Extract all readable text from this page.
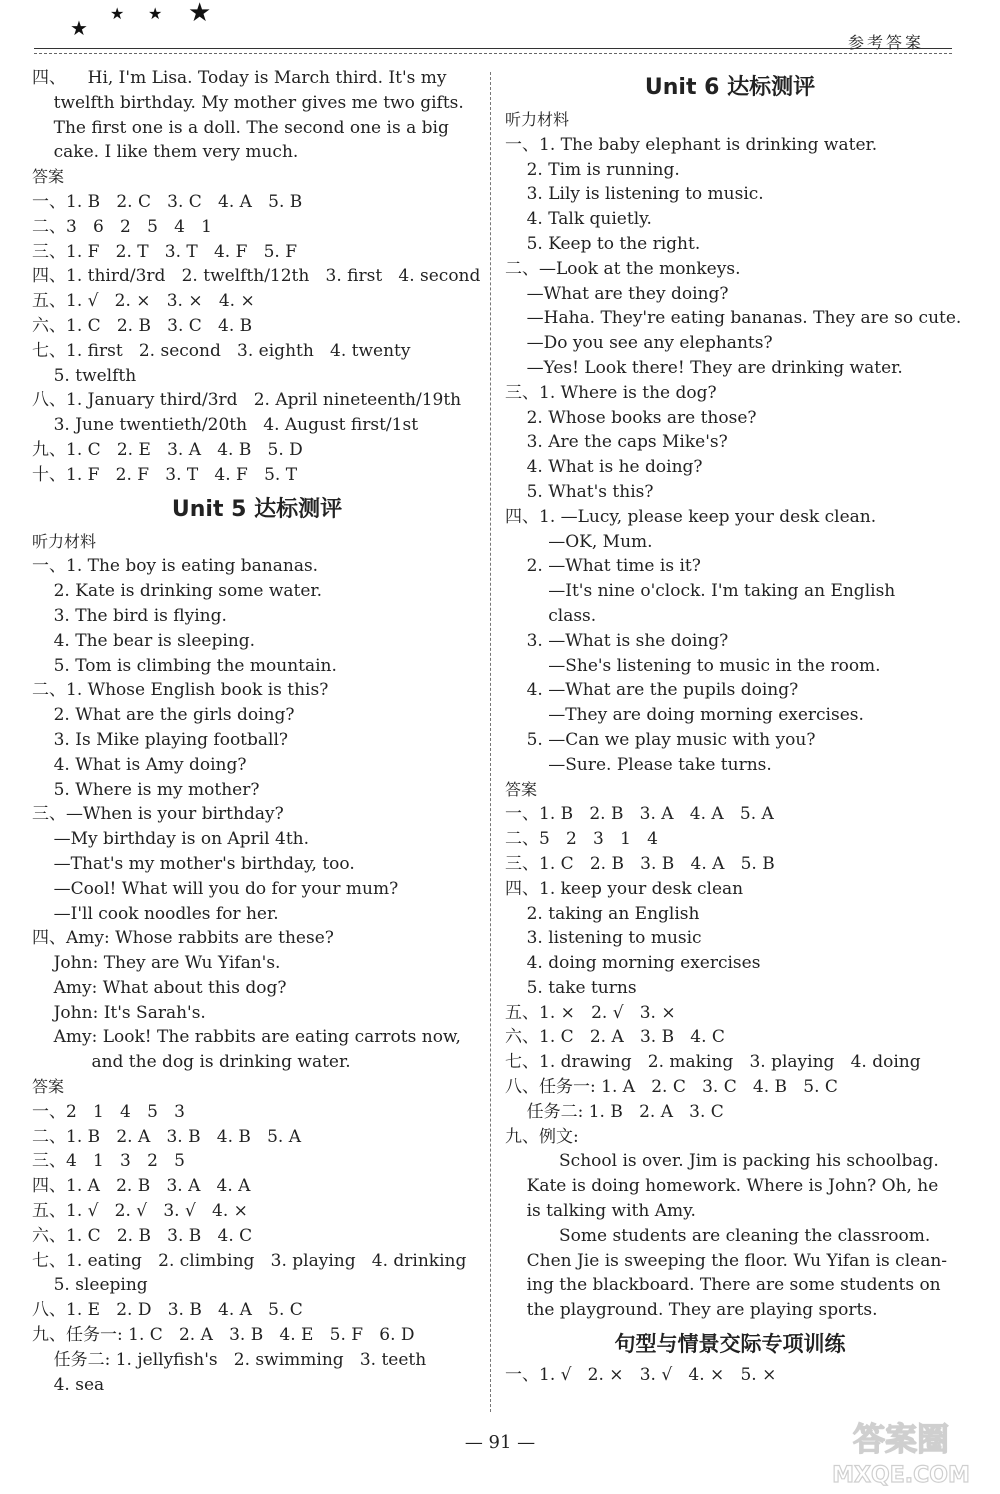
★
★ ★ ★
参考答案
四、    Hi, I'm Lisa. Today is March third. It's my
twelfth birthday. My mother gives me two gifts.
The first one is a doll. The second one is a big
cake. I like them very much.
答案
一、1. B   2. C   3. C   4. A   5. B
二、3   6   2   5   4   1
三、1. F   2. T   3. T   4. F   5. F
四、1. third/3rd   2. twelfth/12th   3. first   4. second
五、1. √   2. ×   3. ×   4. ×
六、1. C   2. B   3. C   4. B
七、1. first   2. second   3. eighth   4. twenty
5. twelfth
八、1. January third/3rd   2. April nineteenth/19th
3. June twentieth/20th   4. August first/1st
九、1. C   2. E   3. A   4. B   5. D
十、1. F   2. F   3. T   4. F   5. T
Unit 5 达标测评
听力材料
一、1. The boy is eating bananas.
2. Kate is drinking some water.
3. The bird is flying.
4. The bear is sleeping.
5. Tom is climbing the mountain.
二、1. Whose English book is this?
2. What are the girls doing?
3. Is Mike playing football?
4. What is Amy doing?
5. Where is my mother?
三、—When is your birthday?
—My birthday is on April 4th.
—That's my mother's birthday, too.
—Cool! What will you do for your mum?
—I'll cook noodles for her.
四、Amy: Whose rabbits are these?
John: They are Wu Yifan's.
Amy: What about this dog?
John: It's Sarah's.
Amy: Look! The rabbits are eating carrots now,
and the dog is drinking water.
答案
一、2   1   4   5   3
二、1. B   2. A   3. B   4. B   5. A
三、4   1   3   2   5
四、1. A   2. B   3. A   4. A
五、1. √   2. √   3. √   4. ×
六、1. C   2. B   3. B   4. C
七、1. eating   2. climbing   3. playing   4. drinking
5. sleeping
八、1. E   2. D   3. B   4. A   5. C
九、任务一: 1. C   2. A   3. B   4. E   5. F   6. D
任务二: 1. jellyfish's   2. swimming   3. teeth
4. sea
Unit 6 达标测评
听力材料
一、1. The baby elephant is drinking water.
2. Tim is running.
3. Lily is listening to music.
4. Talk quietly.
5. Keep to the right.
二、—Look at the monkeys.
—What are they doing?
—Haha. They're eating bananas. They are so cute.
—Do you see any elephants?
—Yes! Look there! They are drinking water.
三、1. Where is the dog?
2. Whose books are those?
3. Are the caps Mike's?
4. What is he doing?
5. What's this?
四、1. —Lucy, please keep your desk clean.
—OK, Mum.
2. —What time is it?
—It's nine o'clock. I'm taking an English
class.
3. —What is she doing?
—She's listening to music in the room.
4. —What are the pupils doing?
—They are doing morning exercises.
5. —Can we play music with you?
—Sure. Please take turns.
答案
一、1. B   2. B   3. A   4. A   5. A
二、5   2   3   1   4
三、1. C   2. B   3. B   4. A   5. B
四、1. keep your desk clean
2. taking an English
3. listening to music
4. doing morning exercises
5. take turns
五、1. ×   2. √   3. ×
六、1. C   2. A   3. B   4. C
七、1. drawing   2. making   3. playing   4. doing
八、任务一: 1. A   2. C   3. C   4. B   5. C
任务二: 1. B   2. A   3. C
九、例文:
School is over. Jim is packing his schoolbag.
Kate is doing homework. Where is John? Oh, he
is talking with Amy.
Some students are cleaning the classroom.
Chen Jie is sweeping the floor. Wu Yifan is clean-
ing the blackboard. There are some students on
the playground. They are playing sports.
句型与情景交际专项训练
一、1. √   2. ×   3. √   4. ×   5. ×
— 91 —	答案圈
MXQE.COM
